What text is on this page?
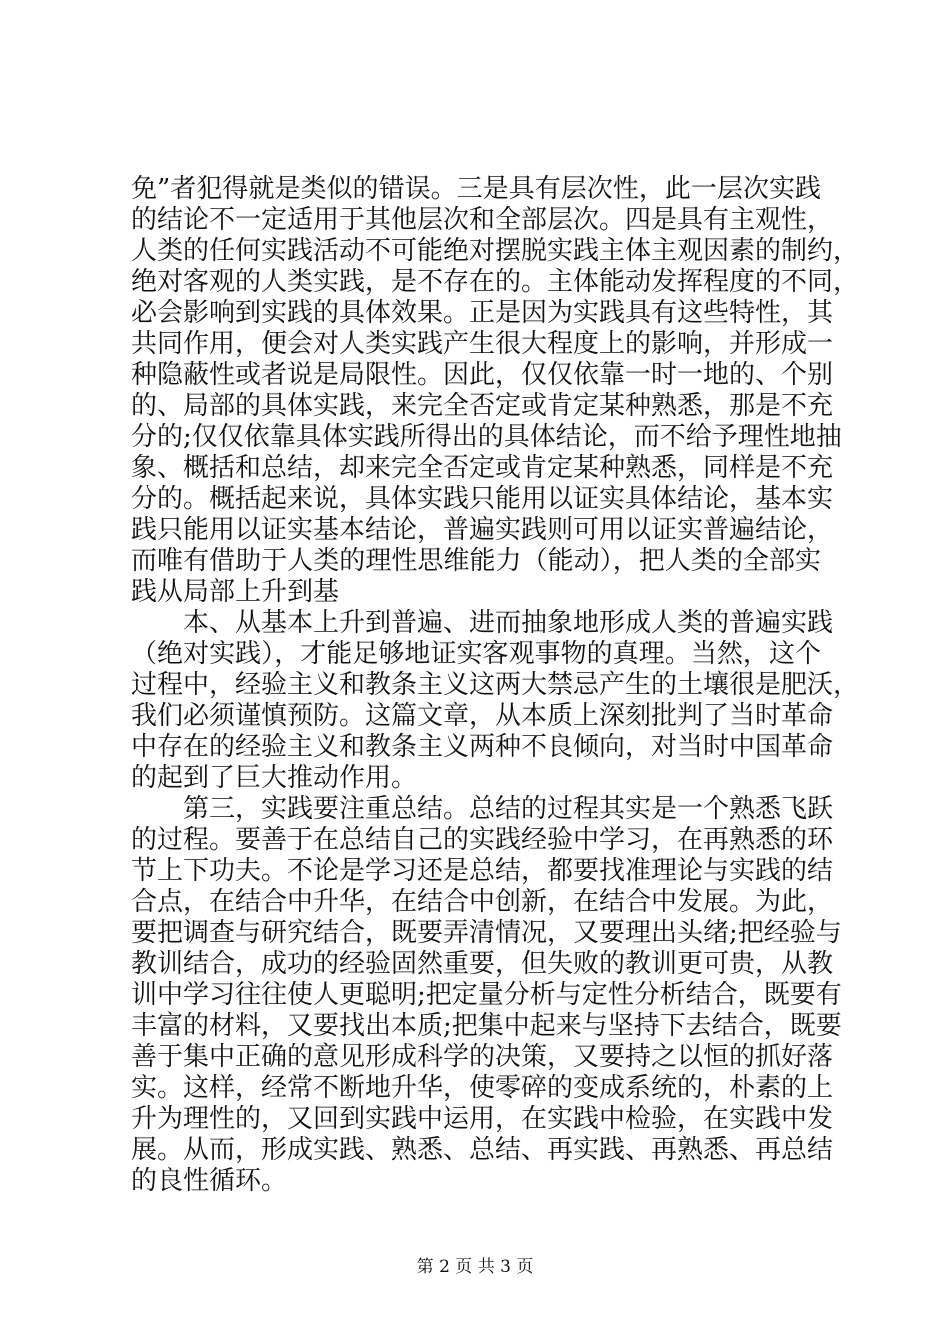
免”者犯得就是类似的错误。三是具有层次性，此一层次实践
的结论不一定适用于其他层次和全部层次。四是具有主观性，
人类的任何实践活动不可能绝对摆脱实践主体主观因素的制约，
绝对客观的人类实践，是不存在的。主体能动发挥程度的不同，
必会影响到实践的具体效果。正是因为实践具有这些特性，其
共同作用，便会对人类实践产生很大程度上的影响，并形成一
种隐蔽性或者说是局限性。因此，仅仅依靠一时一地的、个别
的、局部的具体实践，来完全否定或肯定某种熟悉，那是不充
分的;仅仅依靠具体实践所得出的具体结论，而不给予理性地抽
象、概括和总结，却来完全否定或肯定某种熟悉，同样是不充
分的。概括起来说，具体实践只能用以证实具体结论，基本实
践只能用以证实基本结论，普遍实践则可用以证实普遍结论，
而唯有借助于人类的理性思维能力（能动），把人类的全部实
践从局部上升到基
本、从基本上升到普遍、进而抽象地形成人类的普遍实践
（绝对实践），才能足够地证实客观事物的真理。当然，这个
过程中，经验主义和教条主义这两大禁忌产生的土壤很是肥沃，
我们必须谨慎预防。这篇文章，从本质上深刻批判了当时革命
中存在的经验主义和教条主义两种不良倾向，对当时中国革命
的起到了巨大推动作用。
第三，实践要注重总结。总结的过程其实是一个熟悉飞跃
的过程。要善于在总结自己的实践经验中学习，在再熟悉的环
节上下功夫。不论是学习还是总结，都要找准理论与实践的结
合点，在结合中升华，在结合中创新，在结合中发展。为此，
要把调查与研究结合，既要弄清情况，又要理出头绪;把经验与
教训结合，成功的经验固然重要，但失败的教训更可贵，从教
训中学习往往使人更聪明;把定量分析与定性分析结合，既要有
丰富的材料，又要找出本质;把集中起来与坚持下去结合，既要
善于集中正确的意见形成科学的决策，又要持之以恒的抓好落
实。这样，经常不断地升华，使零碎的变成系统的，朴素的上
升为理性的，又回到实践中运用，在实践中检验，在实践中发
展。从而，形成实践、熟悉、总结、再实践、再熟悉、再总结
的良性循环。
第 2 页 共 3 页
